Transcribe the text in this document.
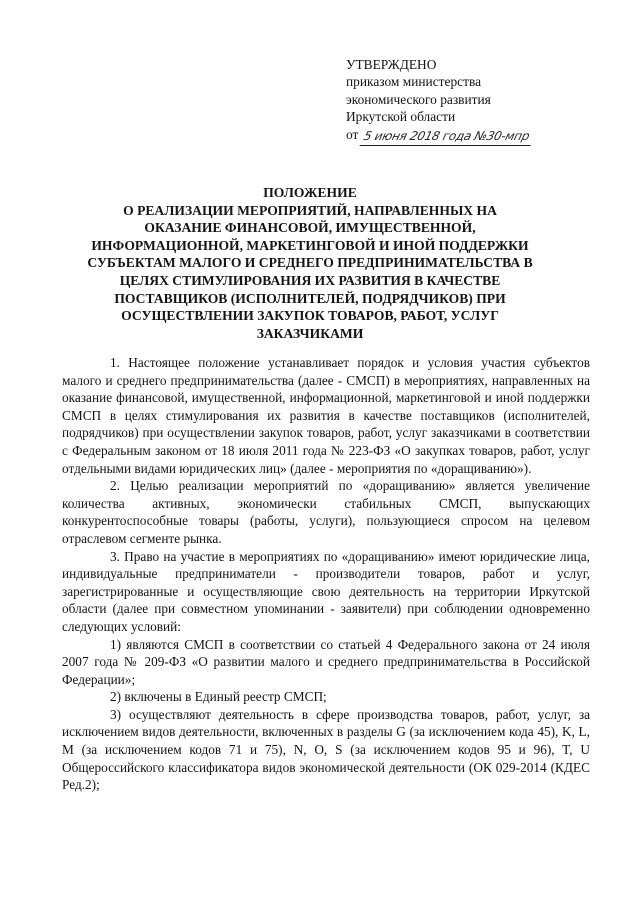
УТВЕРЖДЕНО
приказом министерства
экономического развития
Иркутской области
от 5 июня 2018 года №30-мпр
ПОЛОЖЕНИЕ
О РЕАЛИЗАЦИИ МЕРОПРИЯТИЙ, НАПРАВЛЕННЫХ НА
ОКАЗАНИЕ ФИНАНСОВОЙ, ИМУЩЕСТВЕННОЙ,
ИНФОРМАЦИОННОЙ, МАРКЕТИНГОВОЙ И ИНОЙ ПОДДЕРЖКИ
СУБЪЕКТАМ МАЛОГО И СРЕДНЕГО ПРЕДПРИНИМАТЕЛЬСТВА В
ЦЕЛЯХ СТИМУЛИРОВАНИЯ ИХ РАЗВИТИЯ В КАЧЕСТВЕ
ПОСТАВЩИКОВ (ИСПОЛНИТЕЛЕЙ, ПОДРЯДЧИКОВ) ПРИ
ОСУЩЕСТВЛЕНИИ ЗАКУПОК ТОВАРОВ, РАБОТ, УСЛУГ
ЗАКАЗЧИКАМИ

1. Настоящее положение устанавливает порядок и условия участия субъектов малого и среднего предпринимательства (далее - СМСП) в мероприятиях, направленных на оказание финансовой, имущественной, информационной, маркетинговой и иной поддержки СМСП в целях стимулирования их развития в качестве поставщиков (исполнителей, подрядчиков) при осуществлении закупок товаров, работ, услуг заказчиками в соответствии с Федеральным законом от 18 июля 2011 года № 223-ФЗ «О закупках товаров, работ, услуг отдельными видами юридических лиц» (далее - мероприятия по «доращиванию»).

2. Целью реализации мероприятий по «доращиванию» является увеличение количества активных, экономически стабильных СМСП, выпускающих конкурентоспособные товары (работы, услуги), пользующиеся спросом на целевом отраслевом сегменте рынка.

3. Право на участие в мероприятиях по «доращиванию» имеют юридические лица, индивидуальные предприниматели - производители товаров, работ и услуг, зарегистрированные и осуществляющие свою деятельность на территории Иркутской области (далее при совместном упоминании - заявители) при соблюдении одновременно следующих условий:

1) являются СМСП в соответствии со статьей 4 Федерального закона от 24 июля 2007 года № 209-ФЗ «О развитии малого и среднего предпринимательства в Российской Федерации»;

2) включены в Единый реестр СМСП;

3) осуществляют деятельность в сфере производства товаров, работ, услуг, за исключением видов деятельности, включенных в разделы G (за исключением кода 45), K, L, M (за исключением кодов 71 и 75), N, O, S (за исключением кодов 95 и 96), T, U Общероссийского классификатора видов экономической деятельности (ОК 029-2014 (КДЕС Ред.2);
